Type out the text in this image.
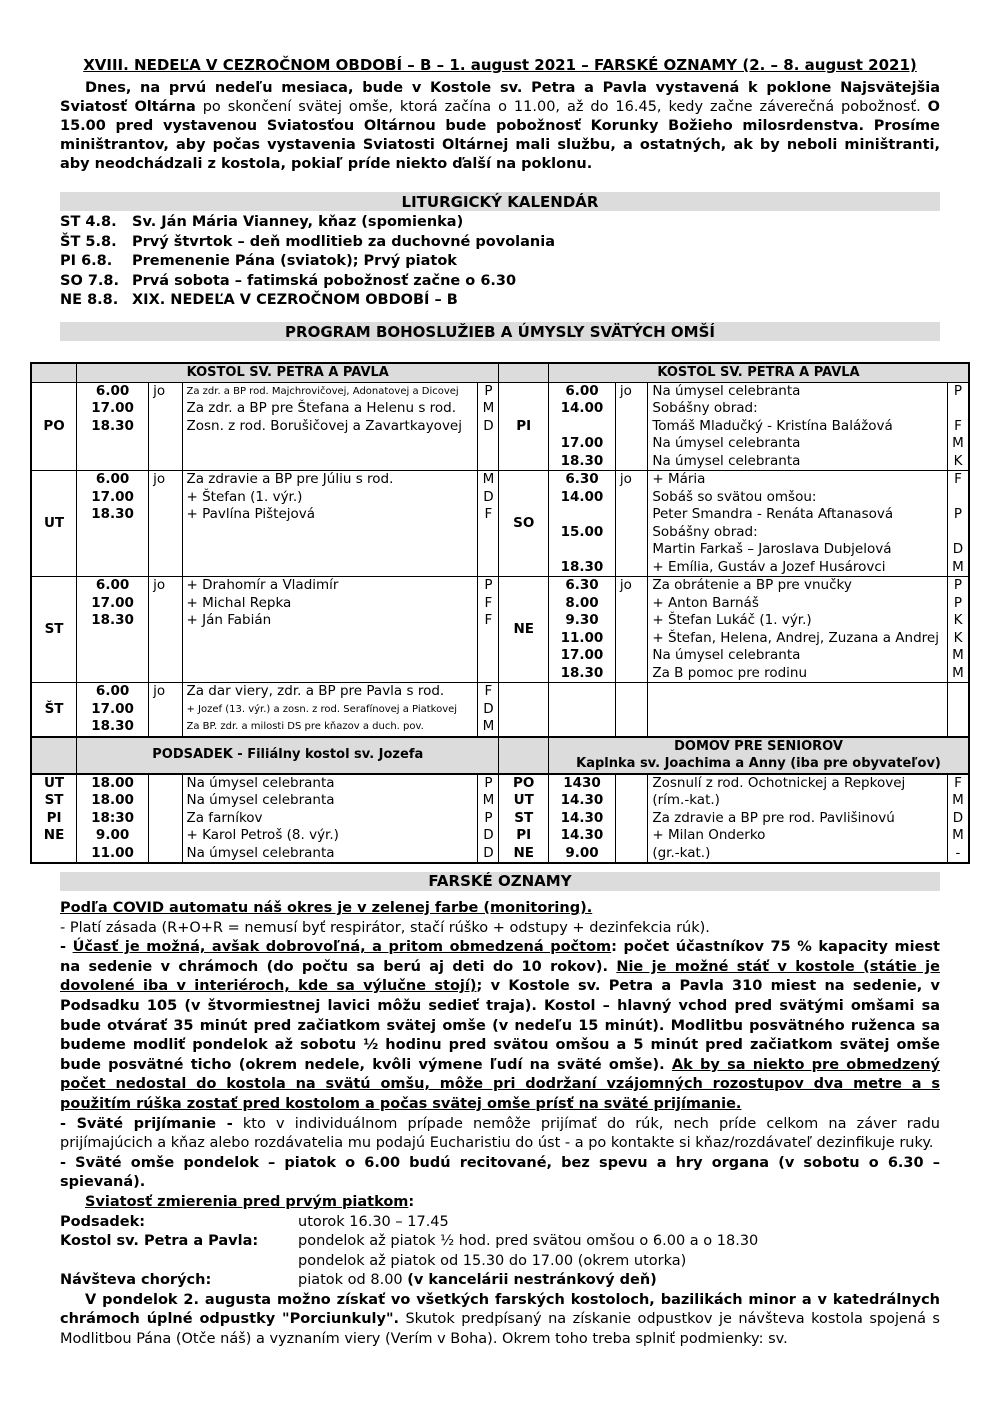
XVIII. NEDEĽA V CEZROČNOM OBDOBÍ – B – 1. august 2021 – FARSKÉ OZNAMY (2. – 8. august 2021)

Dnes, na prvú nedeľu mesiaca, bude v Kostole sv. Petra a Pavla vystavená k poklone Najsvätejšia Sviatosť Oltárna po skončení svätej omše, ktorá začína o 11.00, až do 16.45, kedy začne záverečná pobožnosť. O 15.00 pred vystavenou Sviatosťou Oltárnou bude pobožnosť Korunky Božieho milosrdenstva. Prosíme miništrantov, aby počas vystavenia Sviatosti Oltárnej mali službu, a ostatných, ak by neboli miništranti, aby neodchádzali z kostola, pokiaľ príde niekto ďalší na poklonu.

LITURGICKÝ KALENDÁR
ST 4.8.	Sv. Ján Mária Vianney, kňaz (spomienka)
ŠT 5.8.	Prvý štvrtok – deň modlitieb za duchovné povolania
PI 6.8.	Premenenie Pána (sviatok); Prvý piatok
SO 7.8. Prvá sobota – fatimská pobožnosť začne o 6.30
NE 8.8. XIX. NEDEĽA V CEZROČNOM OBDOBÍ – B
PROGRAM BOHOSLUŽIEB A ÚMYSLY SVÄTÝCH OMŠÍ
	KOSTOL SV. PETRA A PAVLA					KOSTOL SV. PETRA A PAVLA			
PO	6.00	jo	Za zdr. a BP rod. Majchrovičovej, Adonatovej a Dicovej	P	PI	6.00	jo	Na úmysel celebranta	P
	17.00		Za zdr. a BP pre Štefana a Helenu s rod.	M		14.00		Sobášny obrad:	
	18.30		Zosn. z rod. Borušičovej a Zavartkayovej	D				Tomáš Mladučký - Kristína Balážová	F
						17.00		Na úmysel celebranta	M
						18.30		Na úmysel celebranta	K
UT	6.00	jo	Za zdravie a BP pre Júliu s rod.	M	SO	6.30	jo	+ Mária	F
	17.00		+ Štefan (1. výr.)	D		14.00		Sobáš so svätou omšou:	
	18.30		+ Pavlína Pištejová	F				Peter Smandra - Renáta Aftanasová	P
						15.00		Sobášny obrad:	
								Martin Farkaš – Jaroslava Dubjelová	D
						18.30		+ Emília, Gustáv a Jozef Husárovci	M
ST	6.00	jo	+ Drahomír a Vladimír	P	NE	6.30	jo	Za obrátenie a BP pre vnučky	P
	17.00		+ Michal Repka	F		8.00		+ Anton Barnáš	P
	18.30		+ Ján Fabián	F		9.30		+ Štefan Lukáč (1. výr.)	K
						11.00		+ Štefan, Helena, Andrej, Zuzana a Andrej	K
						17.00		Na úmysel celebranta	M
						18.30		Za B pomoc pre rodinu	M
ŠT	6.00	jo	Za dar viery, zdr. a BP pre Pavla s rod.	F					
	17.00		+ Jozef (13. výr.) a zosn. z rod. Serafínovej a Piatkovej	D					
	18.30		Za BP. zdr. a milosti DS pre kňazov a duch. pov.	M					
	PODSADEK - Filiálny kostol sv. Jozefa					DOMOV PRE SENIOROV			
						Kaplnka sv. Joachima a Anny (iba pre obyvateľov)			
UT	18.00		Na úmysel celebranta	P	PO	1430		Zosnulí z rod. Ochotnickej a Repkovej	F
ST	18.00		Na úmysel celebranta	M	UT	14.30		(rím.-kat.)	M
PI	18:30		Za farníkov	P	ST	14.30		Za zdravie a BP pre rod. Pavlišinovú	D
NE	9.00		+ Karol Petroš (8. výr.)	D	PI	14.30		+ Milan Onderko	M
	11.00		Na úmysel celebranta	D	NE	9.00		(gr.-kat.)	-
FARSKÉ OZNAMY

Podľa COVID automatu náš okres je v zelenej farbe (monitoring).

- Platí zásada (R+O+R = nemusí byť respirátor, stačí rúško + odstupy + dezinfekcia rúk).

- Účasť je možná, avšak dobrovoľná, a pritom obmedzená počtom: počet účastníkov 75 % kapacity miest na sedenie v chrámoch (do počtu sa berú aj deti do 10 rokov). Nie je možné stáť v kostole (státie je dovolené iba v interiéroch, kde sa výlučne stojí); v Kostole sv. Petra a Pavla 310 miest na sedenie, v Podsadku 105 (v štvormiestnej lavici môžu sedieť traja). Kostol – hlavný vchod pred svätými omšami sa bude otvárať 35 minút pred začiatkom svätej omše (v nedeľu 15 minút). Modlitbu posvätného ruženca sa budeme modliť pondelok až sobotu ½ hodinu pred svätou omšou a 5 minút pred začiatkom svätej omše bude posvätné ticho (okrem nedele, kvôli výmene ľudí na sväté omše). Ak by sa niekto pre obmedzený počet nedostal do kostola na svätú omšu, môže pri dodržaní vzájomných rozostupov dva metre a s použitím rúška zostať pred kostolom a počas svätej omše prísť na sväté prijímanie.

- Sväté prijímanie - kto v individuálnom prípade nemôže prijímať do rúk, nech príde celkom na záver radu prijímajúcich a kňaz alebo rozdávatelia mu podajú Eucharistiu do úst - a po kontakte si kňaz/rozdávateľ dezinfikuje ruky.

- Sväté omše pondelok – piatok o 6.00 budú recitované, bez spevu a hry organa (v sobotu o 6.30 – spievaná).

Sviatosť zmierenia pred prvým piatkom:

Podsadek:	utorok 16.30 – 17.45
Kostol sv. Petra a Pavla:	pondelok až piatok ½ hod. pred svätou omšou o 6.00 a o 18.30
pondelok až piatok od 15.30 do 17.00 (okrem utorka)
Návšteva chorých:	piatok od 8.00 (v kancelárii nestránkový deň)

V pondelok 2. augusta možno získať vo všetkých farských kostoloch, bazilikách minor a v katedrálnych chrámoch úplné odpustky "Porciunkuly". Skutok predpísaný na získanie odpustkov je návšteva kostola spojená s Modlitbou Pána (Otče náš) a vyznaním viery (Verím v Boha). Okrem toho treba splniť podmienky: sv.
